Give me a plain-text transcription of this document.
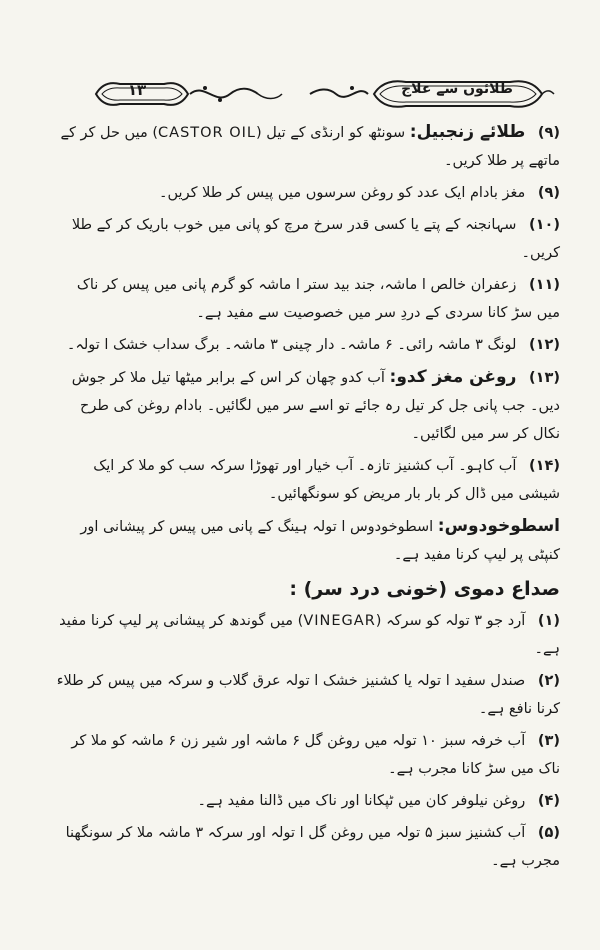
۱۳	طلائوں سے علاج
(۹) طلائے زنجبیل: سونٹھ کو ارنڈی کے تیل (CASTOR OIL) میں حل کر کے ماتھے پر طلا کریں۔
(۹) مغز بادام ایک عدد کو روغن سرسوں میں پیس کر طلا کریں۔
(۱۰) سہانجنہ کے پتے یا کسی قدر سرخ مرچ کو پانی میں خوب باریک کر کے طلا کریں۔
(۱۱) زعفران خالص ا ماشہ، جند بید ستر ا ماشہ کو گرم پانی میں پیس کر ناک میں سڑ کانا سردی کے دردِ سر میں خصوصیت سے مفید ہے۔
(۱۲) لونگ ۳ ماشہ رائی۔ ۶ ماشہ۔ دار چینی ۳ ماشہ۔ برگ سداب خشک ا تولہ۔
(۱۳) روغن مغز کدو: آب کدو چھان کر اس کے برابر میٹھا تیل ملا کر جوش دیں۔ جب پانی جل کر تیل رہ جائے تو اسے سر میں لگائیں۔ بادام روغن کی طرح نکال کر سر میں لگائیں۔
(۱۴) آب کاہو۔ آب کشنیز تازہ۔ آب خیار اور تھوڑا سرکہ سب کو ملا کر ایک شیشی میں ڈال کر بار بار مریض کو سونگھائیں۔
اسطوخودوس: اسطوخودوس ا تولہ ہینگ کے پانی میں پیس کر پیشانی اور کنپٹی پر لیپ کرنا مفید ہے۔
صداع دموی (خونی درد سر) :
(۱) آرد جو ۳ تولہ کو سرکہ (VINEGAR) میں گوندھ کر پیشانی پر لیپ کرنا مفید ہے۔
(۲) صندل سفید ا تولہ یا کشنیز خشک ا تولہ عرق گلاب و سرکہ میں پیس کر طلاء کرنا نافع ہے۔
(۳) آب خرفہ سبز ۱۰ تولہ میں روغن گل ۶ ماشہ اور شیر زن ۶ ماشہ کو ملا کر ناک میں سڑ کانا مجرب ہے۔
(۴) روغن نیلوفر کان میں ٹپکانا اور ناک میں ڈالنا مفید ہے۔
(۵) آب کشنیز سبز ۵ تولہ میں روغن گل ا تولہ اور سرکہ ۳ ماشہ ملا کر سونگھنا مجرب ہے۔
